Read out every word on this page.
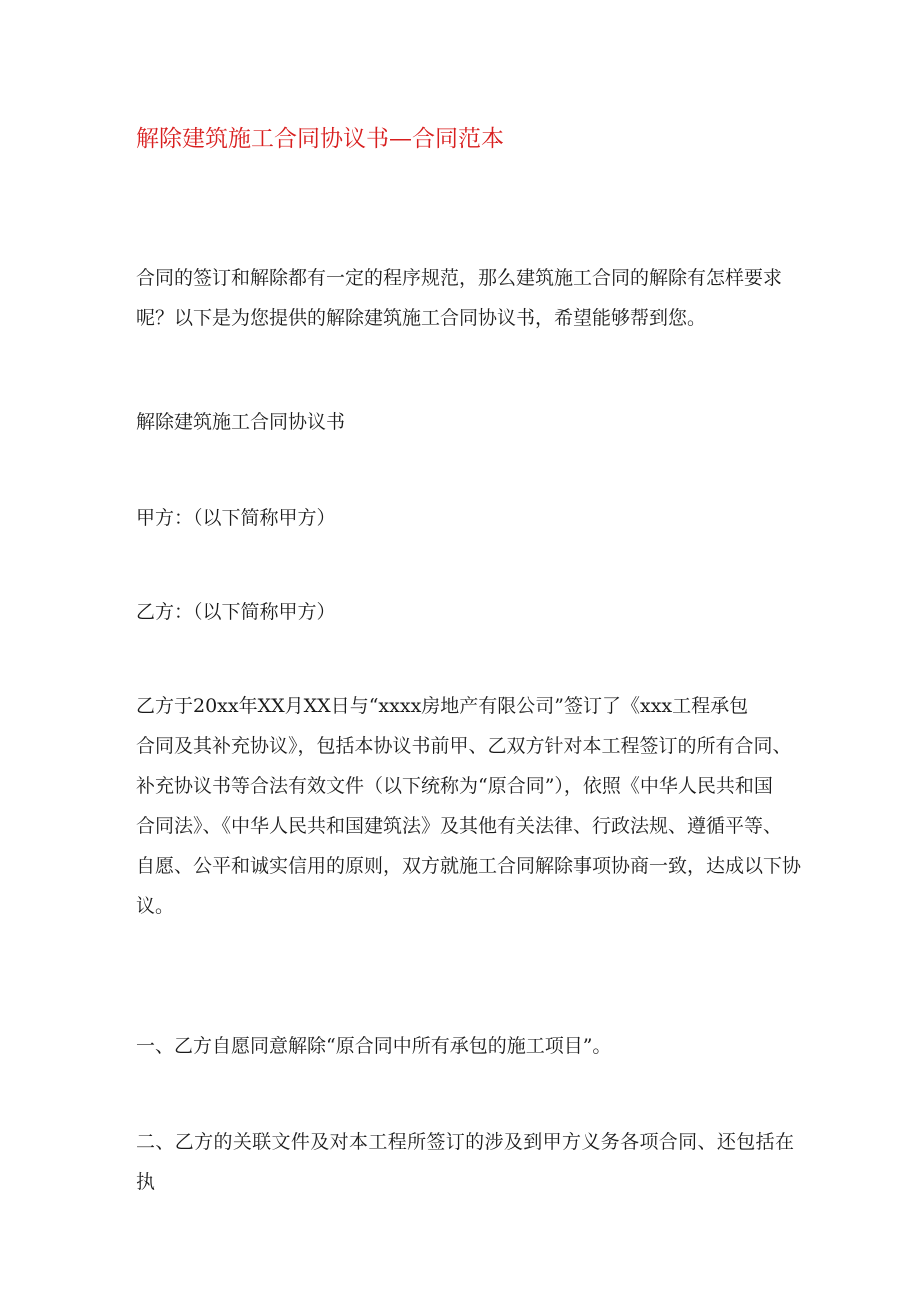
解除建筑施工合同协议书—合同范本
合同的签订和解除都有一定的程序规范，那么建筑施工合同的解除有怎样要求
呢？以下是为您提供的解除建筑施工合同协议书，希望能够帮到您。
解除建筑施工合同协议书
甲方：（以下简称甲方）
乙方：（以下简称甲方）
乙方于20xx年XX月XX日与“xxxx房地产有限公司”签订了《xxx工程承包
合同及其补充协议》，包括本协议书前甲、乙双方针对本工程签订的所有合同、
补充协议书等合法有效文件（以下统称为“原合同”），依照《中华人民共和国
合同法》、《中华人民共和国建筑法》及其他有关法律、行政法规、遵循平等、
自愿、公平和诚实信用的原则，双方就施工合同解除事项协商一致，达成以下协
议。
一、乙方自愿同意解除“原合同中所有承包的施工项目”。
二、乙方的关联文件及对本工程所签订的涉及到甲方义务各项合同、还包括在执
